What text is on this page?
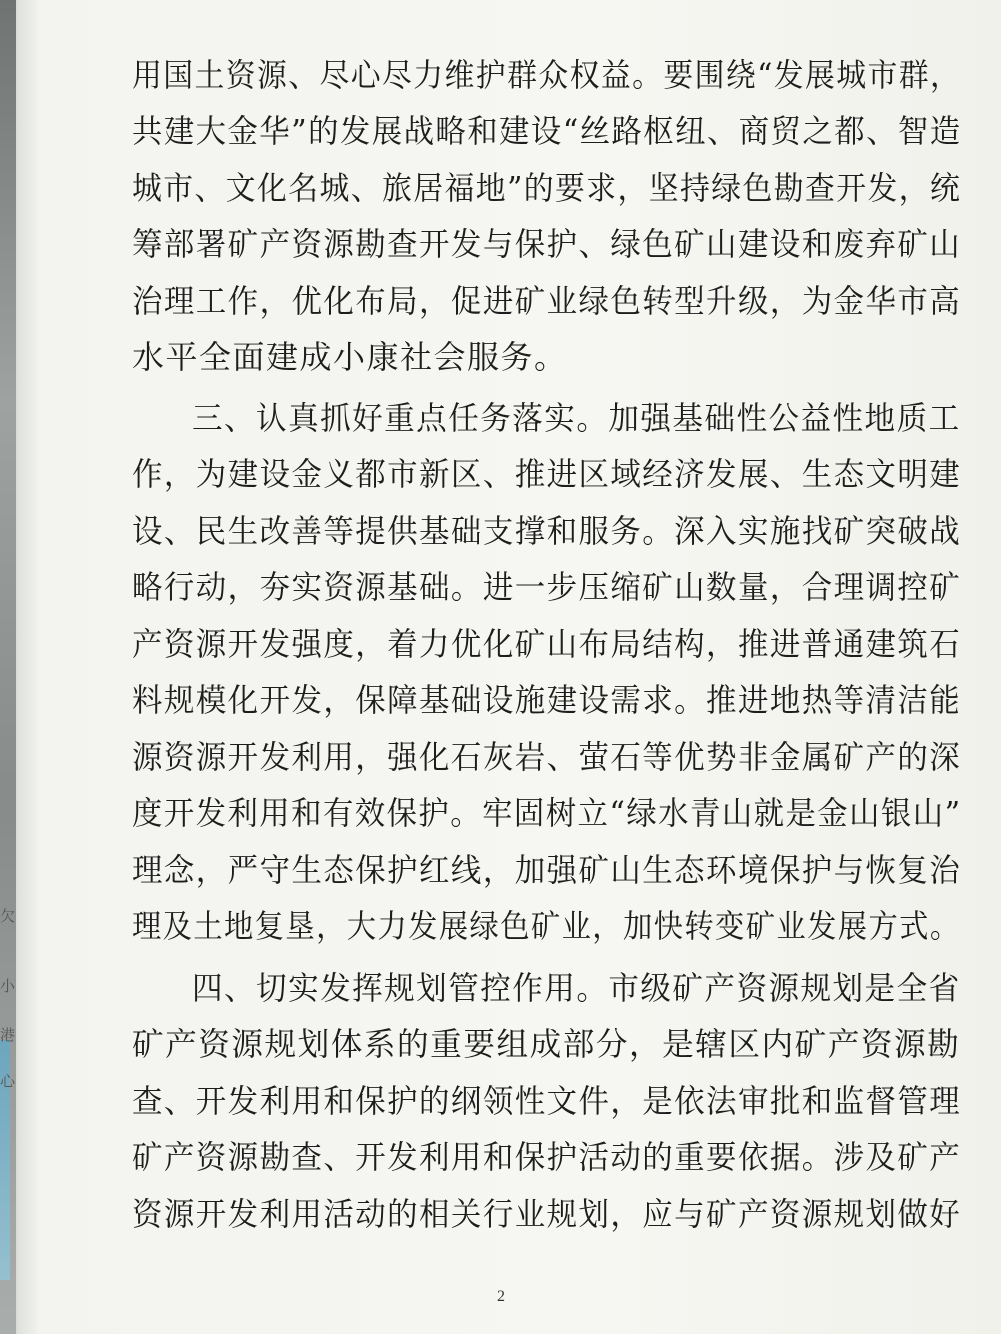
⽋
小
港
心
用国土资源、尽心尽力维护群众权益。要围绕“发展城市群，
共建大金华”的发展战略和建设“丝路枢纽、商贸之都、智造
城市、文化名城、旅居福地”的要求，坚持绿色勘查开发，统
筹部署矿产资源勘查开发与保护、绿色矿山建设和废弃矿山
治理工作，优化布局，促进矿业绿色转型升级，为金华市高
水平全面建成小康社会服务。
三、认真抓好重点任务落实。加强基础性公益性地质工
作，为建设金义都市新区、推进区域经济发展、生态文明建
设、民生改善等提供基础支撑和服务。深入实施找矿突破战
略行动，夯实资源基础。进一步压缩矿山数量，合理调控矿
产资源开发强度，着力优化矿山布局结构，推进普通建筑石
料规模化开发，保障基础设施建设需求。推进地热等清洁能
源资源开发利用，强化石灰岩、萤石等优势非金属矿产的深
度开发利用和有效保护。牢固树立“绿水青山就是金山银山”
理念，严守生态保护红线，加强矿山生态环境保护与恢复治
理及土地复垦，大力发展绿色矿业，加快转变矿业发展方式。
四、切实发挥规划管控作用。市级矿产资源规划是全省
矿产资源规划体系的重要组成部分，是辖区内矿产资源勘
查、开发利用和保护的纲领性文件，是依法审批和监督管理
矿产资源勘查、开发利用和保护活动的重要依据。涉及矿产
资源开发利用活动的相关行业规划，应与矿产资源规划做好
2
